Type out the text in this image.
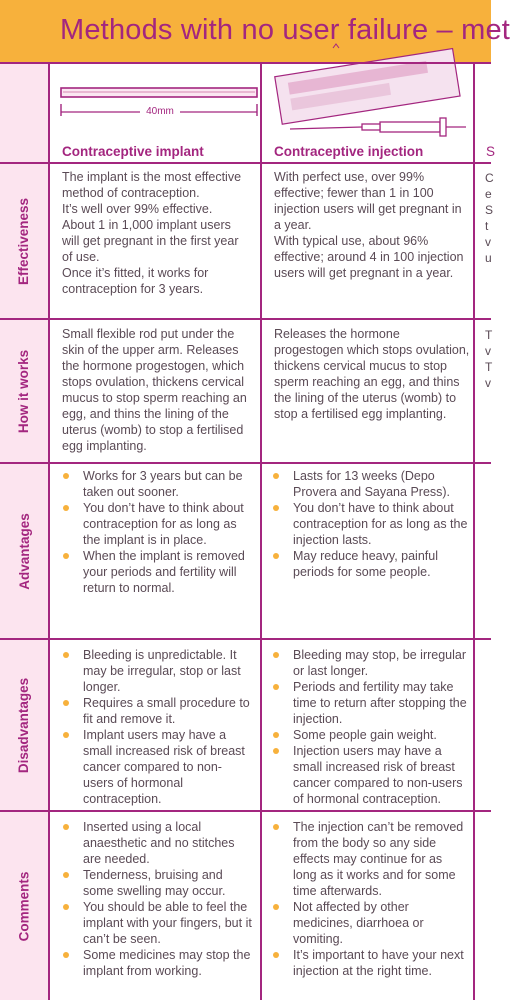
Methods with no user failure – met
40mm
Contraceptive implant	Contraceptive injection	S
Effectiveness
How it works
Advantages
Disadvantages
Comments

The implant is the most effective method of contraception.

It’s well over 99% effective.

About 1 in 1,000 implant users will get pregnant in the first year of use.

Once it’s fitted, it works for contraception for 3 years.

With perfect use, over 99% effective; fewer than 1 in 100 injection users will get pregnant in a year.

With typical use, about 96% effective; around 4 in 100 injection users will get pregnant in a year.

Small flexible rod put under the skin of the upper arm. Releases the hormone progestogen, which stops ovulation, thickens cervical mucus to stop sperm reaching an egg, and thins the lining of the uterus (womb) to stop a fertilised egg implanting.

Releases the hormone progestogen which stops ovulation, thickens cervical mucus to stop sperm reaching an egg, and thins the lining of the uterus (womb) to stop a fertilised egg implanting.

Works for 3 years but can be taken out sooner.
You don’t have to think about contraception for as long as the implant is in place.
When the implant is removed your periods and fertility will return to normal.
Lasts for 13 weeks (Depo Provera and Sayana Press).
You don’t have to think about contraception for as long as the injection lasts.
May reduce heavy, painful periods for some people.
Bleeding is unpredictable. It may be irregular, stop or last longer.
Requires a small procedure to fit and remove it.
Implant users may have a small increased risk of breast cancer compared to non-users of hormonal contraception.
Bleeding may stop, be irregular or last longer.
Periods and fertility may take time to return after stopping the injection.
Some people gain weight.
Injection users may have a small increased risk of breast cancer compared to non-users of hormonal contraception.
Inserted using a local anaesthetic and no stitches are needed.
Tenderness, bruising and some swelling may occur.
You should be able to feel the implant with your fingers, but it can’t be seen.
Some medicines may stop the implant from working.
The injection can’t be removed from the body so any side effects may continue for as long as it works and for some time afterwards.
Not affected by other medicines, diarrhoea or vomiting.
It’s important to have your next injection at the right time.
C
e
S
t
v
u
T
v
T
v
